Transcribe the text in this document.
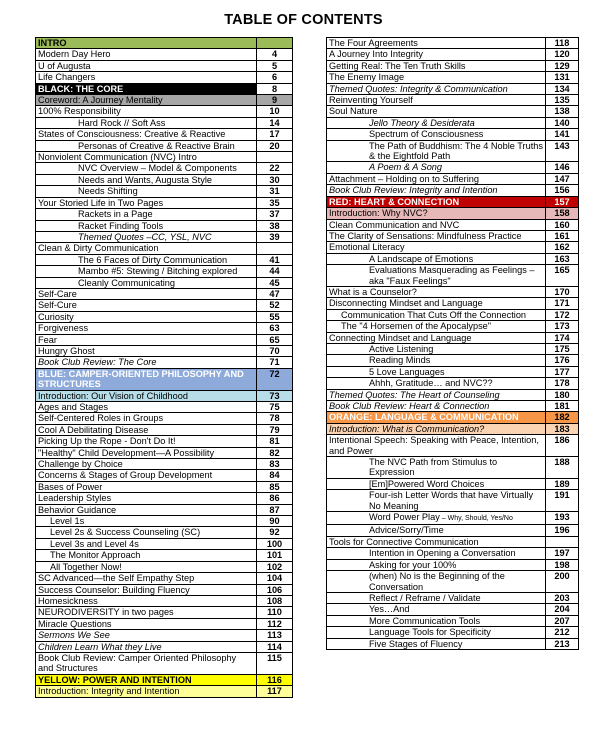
TABLE OF CONTENTS
INTRO	
Modern Day Hero	4
U of Augusta	5
Life Changers	6
BLACK: THE CORE	8
Coreword: A Journey Mentality	9
100% Responsibility	10
Hard Rock // Soft Ass	14
States of Consciousness: Creative & Reactive	17
Personas of Creative & Reactive Brain	20
Nonviolent Communication (NVC) Intro	
NVC Overview – Model & Components	22
Needs and Wants, Augusta Style	30
Needs Shifting	31
Your Storied Life in Two Pages	35
Rackets in a Page	37
Racket Finding Tools	38
Themed Quotes –CC, YSL, NVC	39
Clean & Dirty Communication	
The 6 Faces of Dirty Communication	41
Mambo #5: Stewing / Bitching explored	44
Cleanly Communicating	45
Self-Care	47
Self-Cure	52
Curiosity	55
Forgiveness	63
Fear	65
Hungry Ghost	70
Book Club Review: The Core	71
BLUE: CAMPER-ORIENTED PHILOSOPHY AND STRUCTURES	72
Introduction: Our Vision of Childhood	73
Ages and Stages	75
Self-Centered Roles in Groups	78
Cool A Debilitating Disease	79
Picking Up the Rope - Don't Do It!	81
"Healthy" Child Development—A Possibility	82
Challenge by Choice	83
Concerns & Stages of Group Development	84
Bases of Power	85
Leadership Styles	86
Behavior Guidance	87
Level 1s	90
Level 2s & Success Counseling (SC)	92
Level 3s and Level 4s	100
The Monitor Approach	101
All Together Now!	102
SC Advanced—the Self Empathy Step	104
Success Counselor: Building Fluency	106
Homesickness	108
NEURODIVERSITY in two pages	110
Miracle Questions	112
Sermons We See	113
Children Learn What they Live	114
Book Club Review: Camper Oriented Philosophy and Structures	115
YELLOW: POWER AND INTENTION	116
Introduction: Integrity and Intention	117
The Four Agreements	118
A Journey Into Integrity	120
Getting Real: The Ten Truth Skills	129
The Enemy Image	131
Themed Quotes: Integrity & Communication	134
Reinventing Yourself	135
Soul Nature	138
Jello Theory & Desiderata	140
Spectrum of Consciousness	141
The Path of Buddhism: The 4 Noble Truths & the Eightfold Path	143
A Poem & A Song	146
Attachment – Holding on to Suffering	147
Book Club Review: Integrity and Intention	156
RED: HEART & CONNECTION	157
Introduction: Why NVC?	158
Clean Communication and NVC	160
The Clarity of Sensations: Mindfulness Practice	161
Emotional Literacy	162
A Landscape of Emotions	163
Evaluations Masquerading as Feelings – aka "Faux Feelings"	165
What is a Counselor?	170
Disconnecting Mindset and Language	171
Communication That Cuts Off the Connection	172
The "4 Horsemen of the Apocalypse"	173
Connecting Mindset and Language	174
Active Listening	175
Reading Minds	176
5 Love Languages	177
Ahhh, Gratitude… and NVC??	178
Themed Quotes: The Heart of Counseling	180
Book Club Review: Heart & Connection	181
ORANGE: LANGUAGE & COMMUNICATION	182
Introduction: What is Communication?	183
Intentional Speech: Speaking with Peace, Intention, and Power	186
The NVC Path from Stimulus to Expression	188
[Em]Powered Word Choices	189
Four-ish Letter Words that have Virtually No Meaning	191
Word Power Play – Why, Should, Yes/No	193
Advice/Sorry/Time	196
Tools for Connective Communication	
Intention in Opening a Conversation	197
Asking for your 100%	198
(when) No is the Beginning of the Conversation	200
Reflect / Reframe / Validate	203
Yes…And	204
More Communication Tools	207
Language Tools for Specificity	212
Five Stages of Fluency	213
